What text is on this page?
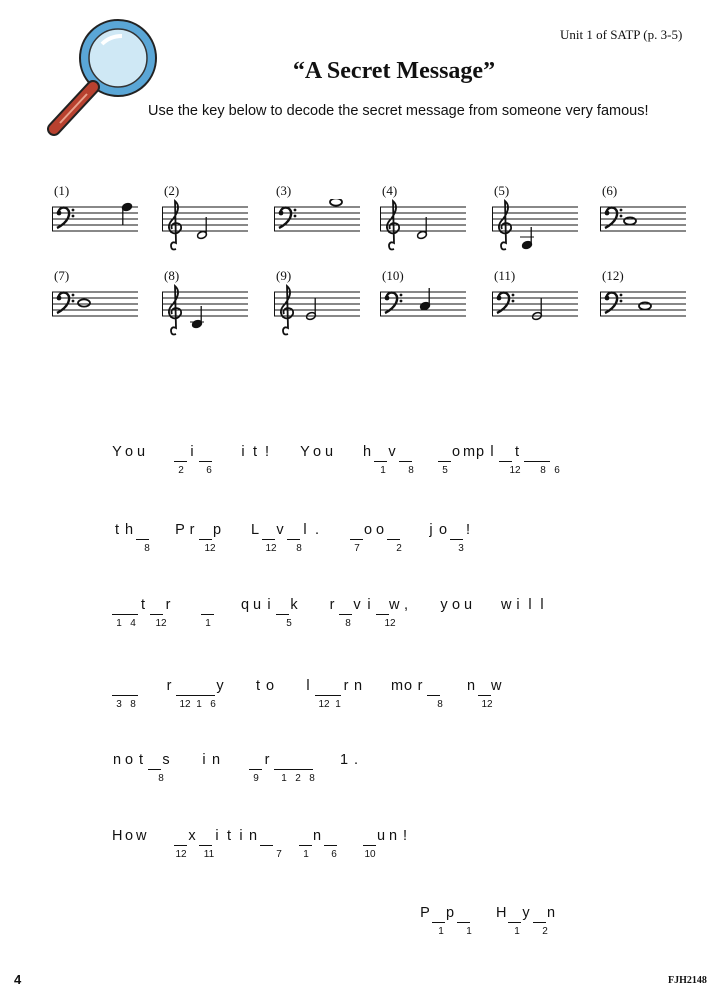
Unit 1 of SATP (p. 3-5)
“A Secret Message”
Use the key below to decode the secret message from someone very famous!
(1)	(2)	(3)	(4)	(5)	(6)
(7)	(8)	(9)	(10)	(11)	(12)
Yo u
2
i
6
i t ! Yo u h
1
v
8	5
omp l
12
t
8 6
t h
8
P r
12
p L
12
v
8
l .
7
o o
2
j o
3
!
1 4
t
12
r
1
q u i
5
k r
8
v i
12
w , y o u w i l l
3 8
r
12 1 6
y t o l
12 1
r n mo r
8
n
12
w
n o t
8
s i n
9
r
1 2 8
1 .
How
12
x
11
i t i n
7	1
n
6	10
u n !
P
1
p
1
H
1
y
2
n
4	FJH2148
